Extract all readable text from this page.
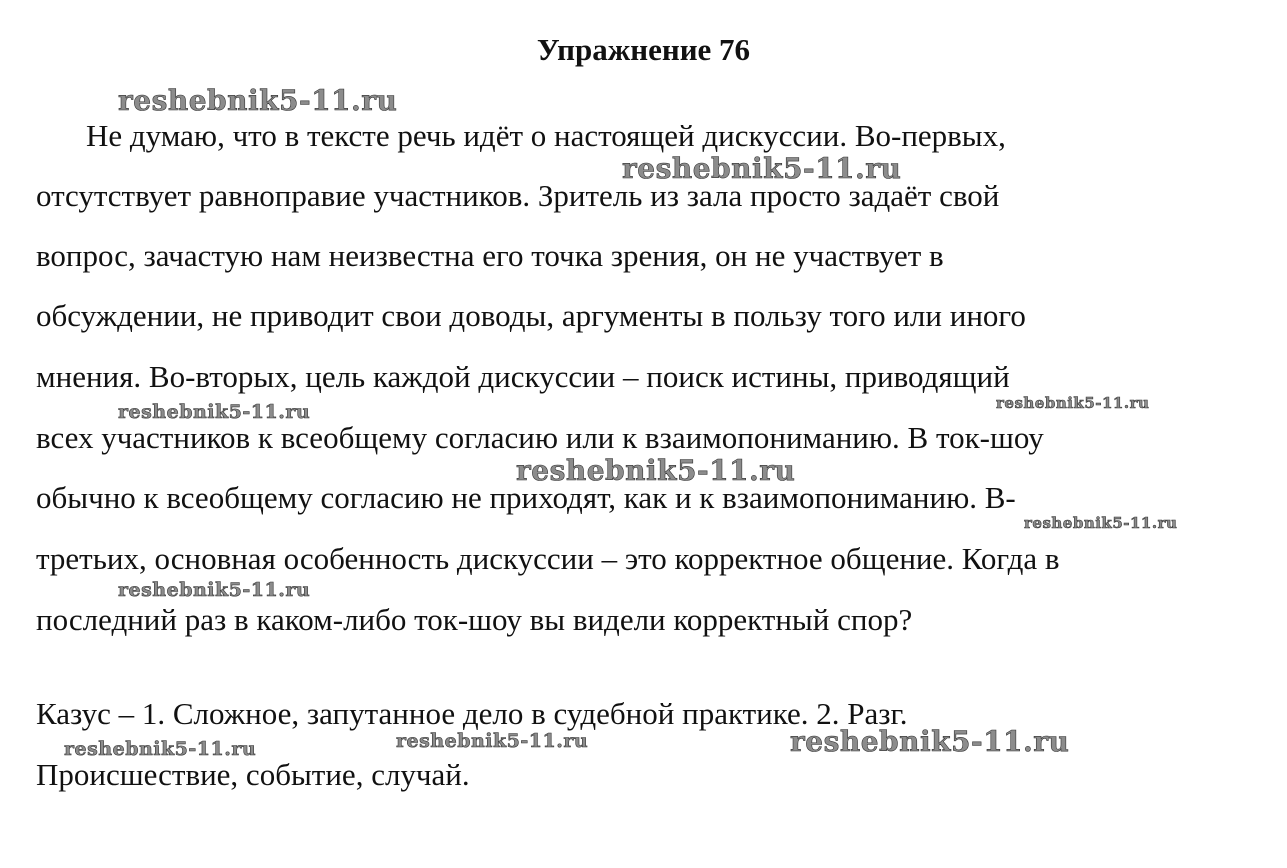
Упражнение 76
Не думаю, что в тексте речь идёт о настоящей дискуссии. Во-первых,
отсутствует равноправие участников. Зритель из зала просто задаёт свой
вопрос, зачастую нам неизвестна его точка зрения, он не участвует в
обсуждении, не приводит свои доводы, аргументы в пользу того или иного
мнения. Во-вторых, цель каждой дискуссии – поиск истины, приводящий
всех участников к всеобщему согласию или к взаимопониманию. В ток-шоу
обычно к всеобщему согласию не приходят, как и к взаимопониманию. В-
третьих, основная особенность дискуссии – это корректное общение. Когда в
последний раз в каком-либо ток-шоу вы видели корректный спор?
Казус – 1. Сложное, запутанное дело в судебной практике. 2. Разг.
Происшествие, событие, случай.
reshebnik5-11.ru
reshebnik5-11.ru
reshebnik5-11.ru	reshebnik5-11.ru
reshebnik5-11.ru
reshebnik5-11.ru
reshebnik5-11.ru
reshebnik5-11.ru	reshebnik5-11.ru	reshebnik5-11.ru
